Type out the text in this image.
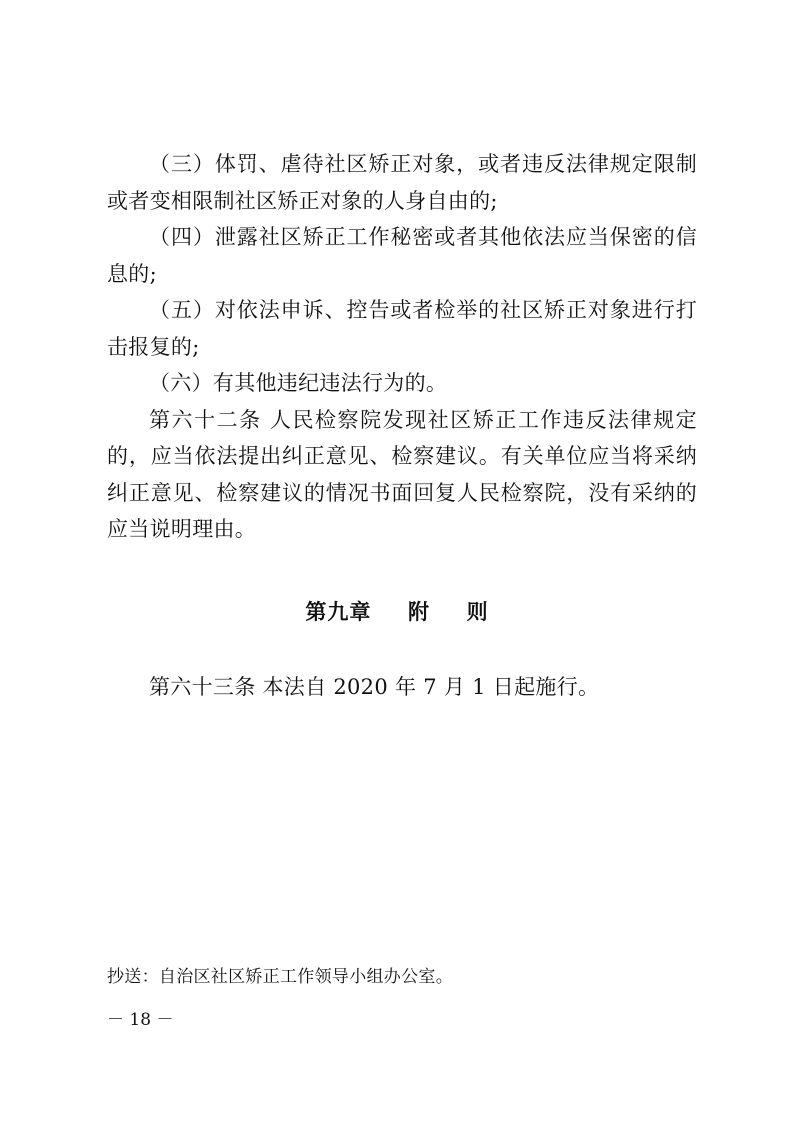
（三）体罚、虐待社区矫正对象，或者违反法律规定限制或者变相限制社区矫正对象的人身自由的;

（四）泄露社区矫正工作秘密或者其他依法应当保密的信息的;

（五）对依法申诉、控告或者检举的社区矫正对象进行打击报复的;

（六）有其他违纪违法行为的。

第六十二条 人民检察院发现社区矫正工作违反法律规定的，应当依法提出纠正意见、检察建议。有关单位应当将采纳纠正意见、检察建议的情况书面回复人民检察院，没有采纳的应当说明理由。

第九章  附  则
第六十三条 本法自 2020 年 7 月 1 日起施行。
抄送：自治区社区矫正工作领导小组办公室。
－ 18 －
